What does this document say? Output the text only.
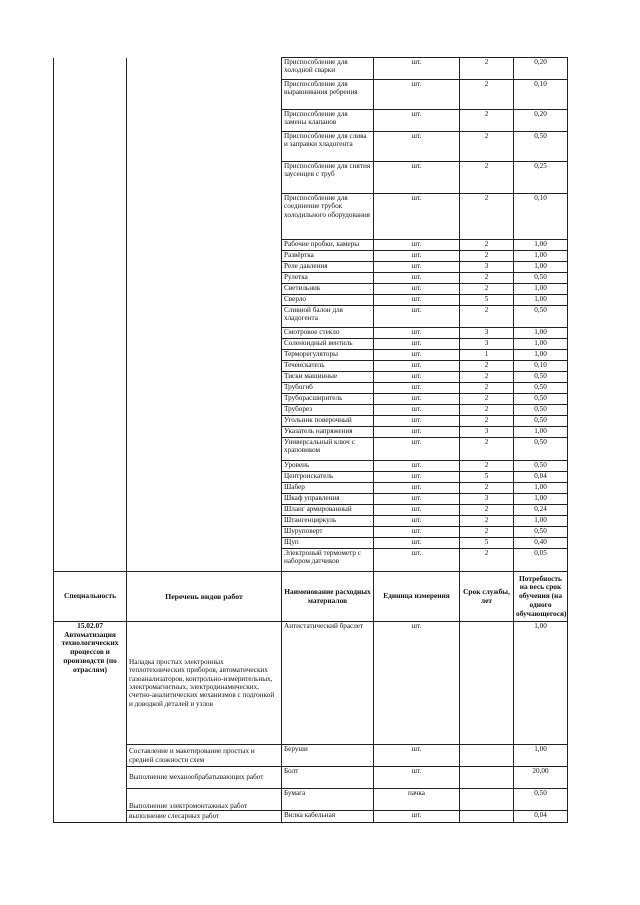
		Приспособление для холодной сварки	шт.	2	0,20
		Приспособление для выравнивания ребрения	шт.	2	0,10
		Приспособление для замены клапанов	шт.	2	0,20
		Приспособление для слива и заправки хладогента	шт.	2	0,50
		Приспособление для снятия заусенцев с труб	шт.	2	0,25
		Приспособление для соединение трубок холодильного оборудования	шт.	2	0,10
		Рабочие пробки, камеры	шт.	2	1,00
		Развёртка	шт.	2	1,00
		Реле давления	шт.	3	1,00
		Рулетка	шт.	2	0,50
		Светильник	шт.	2	1,00
		Сверло	шт.	5	1,00
		Сливной балон для хладогента	шт.	2	0,50
		Смотровое стекло	шт.	3	1,00
		Соленоидный вентиль	шт.	3	1,00
		Терморегуляторы	шт.	1	1,00
		Течеискатель	шт.	2	0,10
		Тиски машинные	шт.	2	0,50
		Трубогиб	шт.	2	0,50
		Труборасширитель	шт.	2	0,50
		Труборез	шт.	2	0,50
		Угольник поверочный	шт.	2	0,50
		Указатель напряжения	шт.	3	1,00
		Универсальный ключ с храповиком	шт.	2	0,50
		Уровень	шт.	2	0,50
		Центроискатель	шт.	5	0,04
		Шабер	шт.	2	1,00
		Шкаф управления	шт.	3	1,00
		Шланг армированный	шт.	2	0,24
		Штангенциркуль	шт.	2	1,00
		Шуруповерт	шт.	2	0,50
		Щуп	шт.	5	0,40
		Электроный термометр с набором датчиков	шт.	2	0,05
Специальность	Перечень видов работ	Наименование расходных материалов	Единица измерения	Срок службы, лет	Потребность на весь срок обучения (на одного обучающегося)
15.02.07 Автоматизация технологических процессов и производств (по отраслям)	Наладка простых электронных теплотехнических приборов, автоматических газоанализаторов, контрольно-измерительных, электромагнитных, электродинамических, счетно-аналитических механизмов с подгонкой и доводкой деталей и узлов	Антистатический браслет	шт.		1,00
	Составление и макетирование простых и средней сложности схем	Беруши	шт.		1,00
	Выполнение механообрабатывающих работ	Болт	шт.		20,00
	Выполнение электромонтажных работ	Бумага	пачка		0,50
	выполнение слесарных работ	Вилка кабельная	шт.		0,04
